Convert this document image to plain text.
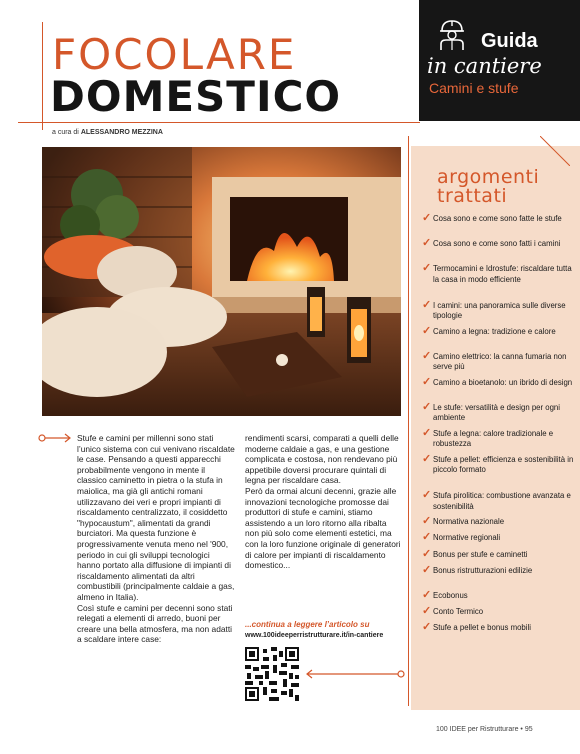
FOCOLARE
DOMESTICO
a cura di ALESSANDRO MEZZINA
Guida
in cantiere
Camini e stufe

Stufe e camini per millenni sono stati l’unico sistema con cui venivano riscaldate le case. Pensando a questi apparecchi probabilmente vengono in mente il classico caminetto in pietra o la stufa in maiolica, ma già gli antichi romani utilizzavano dei veri e propri impianti di riscaldamento centralizzato, il cosiddetto "hypocaustum", alimentati da grandi burciatori. Ma questa funzione è progressivamente venuta meno nel '900, periodo in cui gli sviluppi tecnologici hanno portato alla diffusione di impianti di riscaldamento alimentati da altri combustibili (principalmente caldaie a gas, almeno in Italia).

Così stufe e camini per decenni sono stati relegati a elementi di arredo, buoni per creare una bella atmosfera, ma non adatti a scaldare intere case:

rendimenti scarsi, comparati a quelli delle moderne caldaie a gas, e una gestione complicata e costosa, non rendevano più appetibile doversi procurare quintali di legna per riscaldare casa.

Però da ormai alcuni decenni, grazie alle innovazioni tecnologiche promosse dai produttori di stufe e camini, stiamo assistendo a un loro ritorno alla ribalta non più solo come elementi estetici, ma con la loro funzione originale di generatori di calore per impianti di riscaldamento domestico...

...continua a leggere l’articolo su
www.100ideeperristrutturare.it/in-cantiere
argomenti
trattati
✓ Cosa sono e come sono fatte le stufe
✓ Cosa sono e come sono fatti i camini
✓ Termocamini e Idrostufe: riscaldare tutta la casa in modo efficiente
✓ I camini: una panoramica sulle diverse tipologie
✓ Camino a legna: tradizione e calore
✓ Camino elettrico: la canna fumaria non serve più
✓ Camino a bioetanolo: un ibrido di design
✓ Le stufe: versatilità e design per ogni ambiente
✓ Stufe a legna: calore tradizionale e robustezza
✓ Stufe a pellet: efficienza e sostenibilità in piccolo formato
✓ Stufa pirolitica: combustione avanzata e sostenibilità
✓ Normativa nazionale
✓ Normative regionali
✓ Bonus per stufe e caminetti
✓ Bonus ristrutturazioni edilizie
✓ Ecobonus
✓ Conto Termico
✓ Stufe a pellet e bonus mobili
100 IDEE per Ristrutturare • 95
